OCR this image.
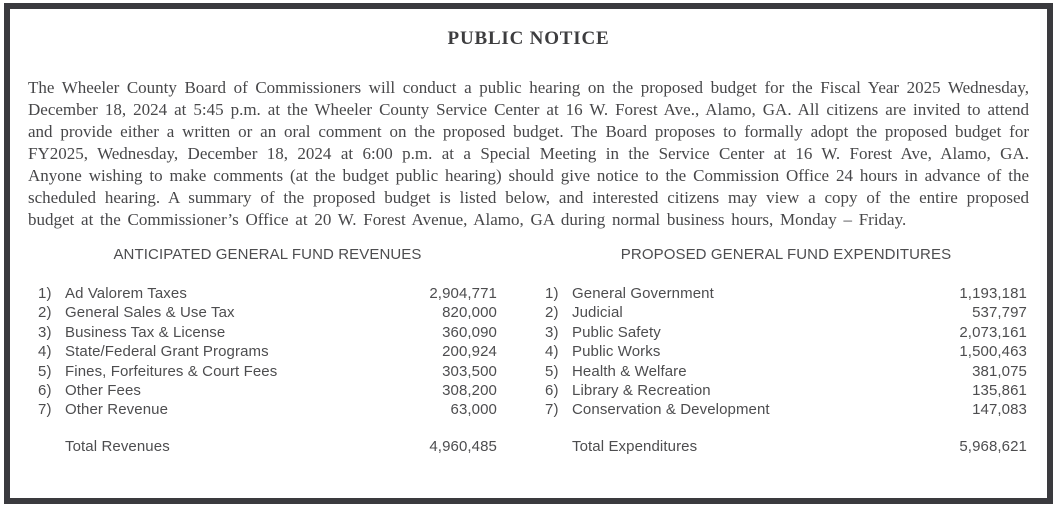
PUBLIC NOTICE

The Wheeler County Board of Commissioners will conduct a public hearing on the proposed budget for the Fiscal Year 2025 Wednesday, December 18, 2024 at 5:45 p.m. at the Wheeler County Service Center at 16 W. Forest Ave., Alamo, GA. All citizens are invited to attend and provide either a written or an oral comment on the proposed budget. The Board proposes to formally adopt the proposed budget for FY2025, Wednesday, December 18, 2024 at 6:00 p.m. at a Special Meeting in the Service Center at 16 W. Forest Ave, Alamo, GA. Anyone wishing to make comments (at the budget public hearing) should give notice to the Commission Office 24 hours in advance of the scheduled hearing. A summary of the proposed budget is listed below, and interested citizens may view a copy of the entire proposed budget at the Commissioner’s Office at 20 W. Forest Avenue, Alamo, GA during normal business hours, Monday – Friday.

ANTICIPATED GENERAL FUND REVENUES
1) Ad Valorem Taxes	2,904,771
2) General Sales & Use Tax	820,000
3) Business Tax & License	360,090
4) State/Federal Grant Programs	200,924
5) Fines, Forfeitures & Court Fees	303,500
6) Other Fees	308,200
7) Other Revenue	63,000
Total Revenues	4,960,485
PROPOSED GENERAL FUND EXPENDITURES
1) General Government	1,193,181
2) Judicial	537,797
3) Public Safety	2,073,161
4) Public Works	1,500,463
5) Health & Welfare	381,075
6) Library & Recreation	135,861
7) Conservation & Development	147,083
Total Expenditures	5,968,621
